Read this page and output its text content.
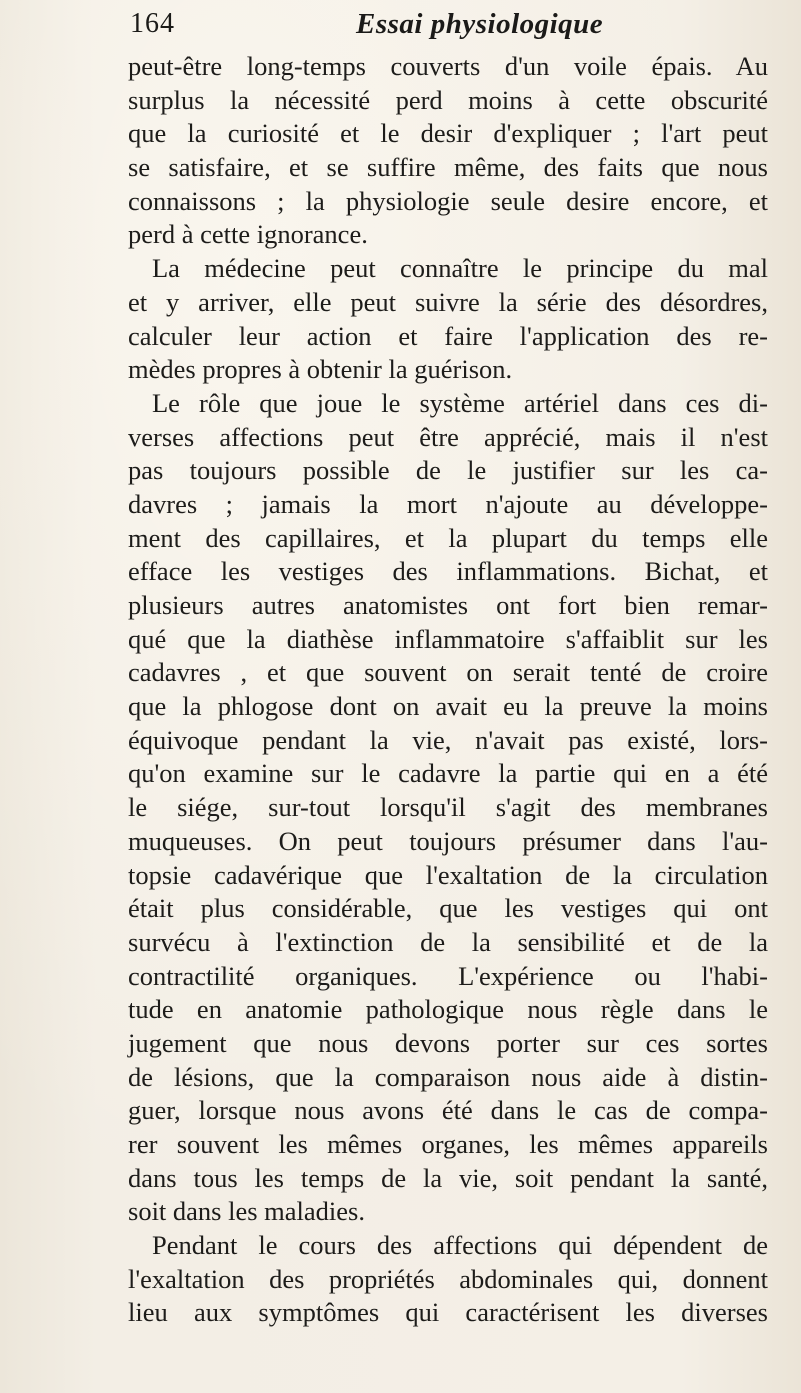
164	Essai physiologique
peut-être long-temps couverts d'un voile épais. Au
surplus la nécessité perd moins à cette obscurité
que la curiosité et le desir d'expliquer ; l'art peut
se satisfaire, et se suffire même, des faits que nous
connaissons ; la physiologie seule desire encore, et
perd à cette ignorance.
La médecine peut connaître le principe du mal
et y arriver, elle peut suivre la série des désordres,
calculer leur action et faire l'application des re-
mèdes propres à obtenir la guérison.
Le rôle que joue le système artériel dans ces di-
verses affections peut être apprécié, mais il n'est
pas toujours possible de le justifier sur les ca-
davres ; jamais la mort n'ajoute au développe-
ment des capillaires, et la plupart du temps elle
efface les vestiges des inflammations. Bichat, et
plusieurs autres anatomistes ont fort bien remar-
qué que la diathèse inflammatoire s'affaiblit sur les
cadavres , et que souvent on serait tenté de croire
que la phlogose dont on avait eu la preuve la moins
équivoque pendant la vie, n'avait pas existé, lors-
qu'on examine sur le cadavre la partie qui en a été
le siége, sur-tout lorsqu'il s'agit des membranes
muqueuses. On peut toujours présumer dans l'au-
topsie cadavérique que l'exaltation de la circulation
était plus considérable, que les vestiges qui ont
survécu à l'extinction de la sensibilité et de la
contractilité organiques. L'expérience ou l'habi-
tude en anatomie pathologique nous règle dans le
jugement que nous devons porter sur ces sortes
de lésions, que la comparaison nous aide à distin-
guer, lorsque nous avons été dans le cas de compa-
rer souvent les mêmes organes, les mêmes appareils
dans tous les temps de la vie, soit pendant la santé,
soit dans les maladies.
Pendant le cours des affections qui dépendent de
l'exaltation des propriétés abdominales qui, donnent
lieu aux symptômes qui caractérisent les diverses
